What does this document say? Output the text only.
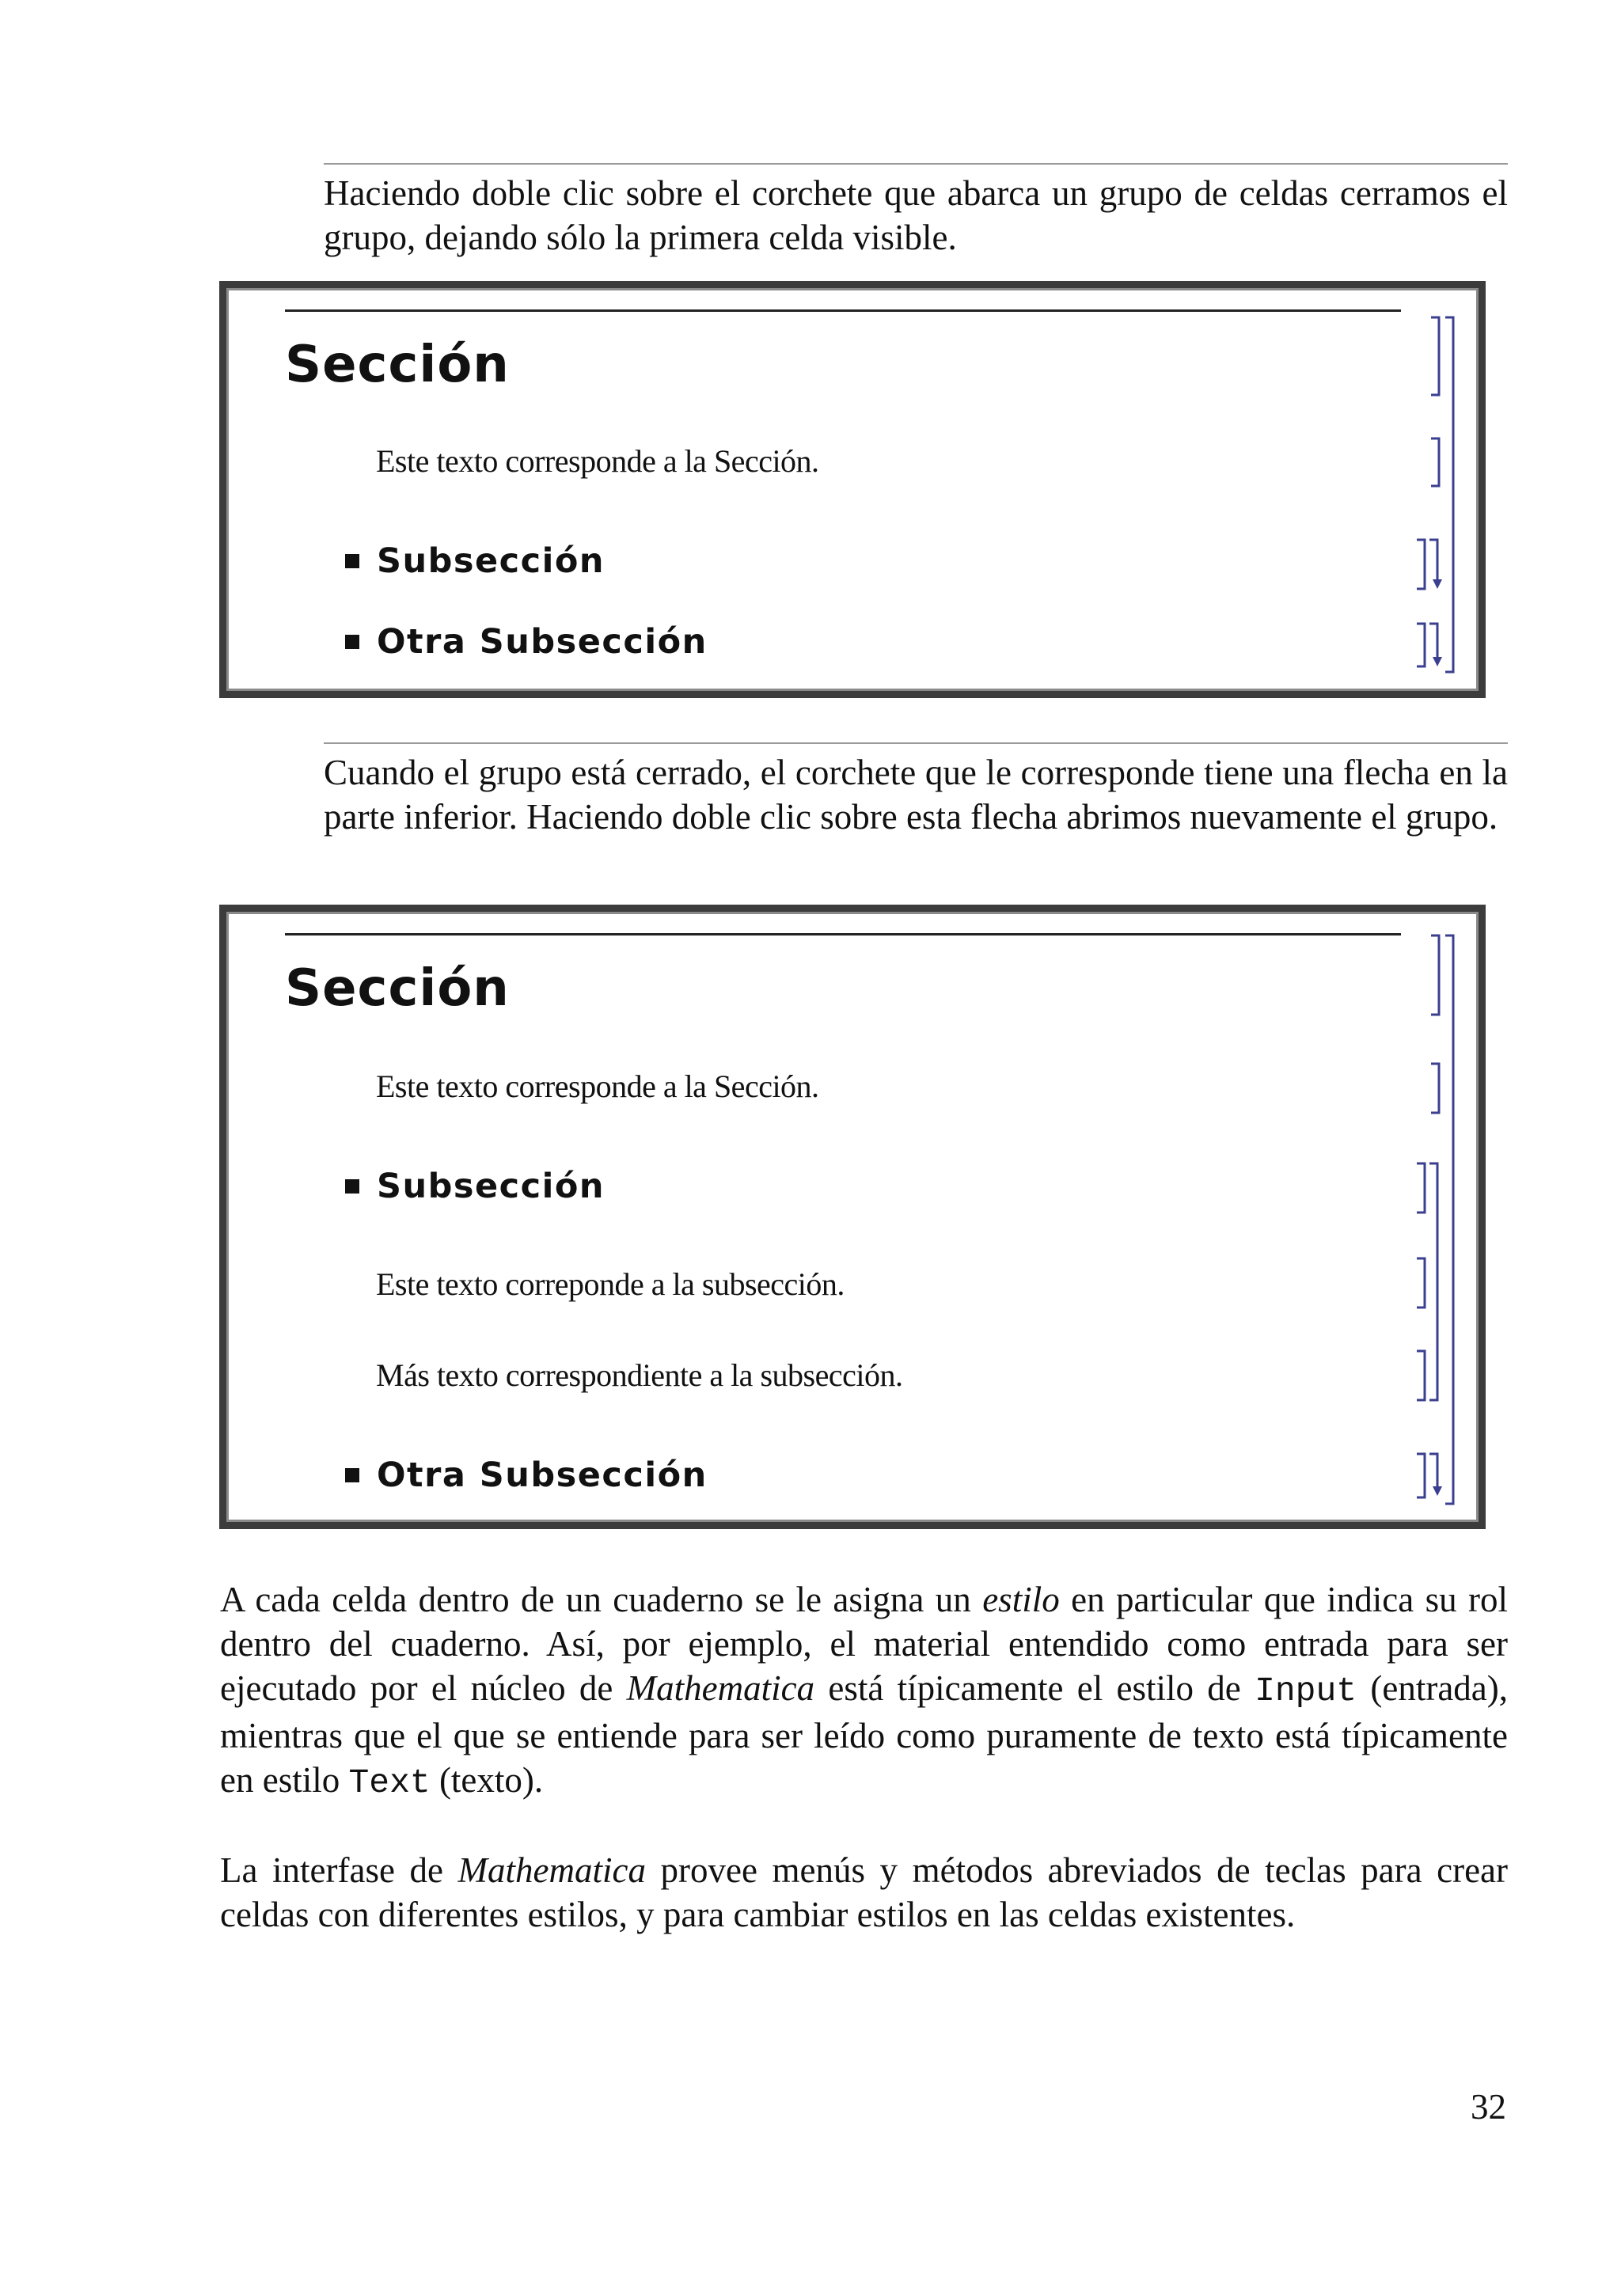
Haciendo doble clic sobre el corchete que abarca un grupo de celdas cerramos el grupo, dejando sólo la primera celda visible.
Sección
Este texto corresponde a la Sección.
Subsección
Otra Subsección
Cuando el grupo está cerrado, el corchete que le corresponde tiene una flecha en la parte inferior. Haciendo doble clic sobre esta flecha abrimos nuevamente el grupo.
Sección
Este texto corresponde a la Sección.
Subsección
Este texto correponde a la subsección.
Más texto correspondiente a la subsección.
Otra Subsección
A cada celda dentro de un cuaderno se le asigna un estilo en particular que indica su rol dentro del cuaderno. Así, por ejemplo, el material entendido como entrada para ser ejecutado por el núcleo de Mathematica está típicamente el estilo de Input (entrada), mientras que el que se entiende para ser leído como puramente de texto está típicamente en estilo Text (texto).
La interfase de Mathematica provee menús y métodos abreviados de teclas para crear celdas con diferentes estilos, y para cambiar estilos en las celdas existentes.
32
